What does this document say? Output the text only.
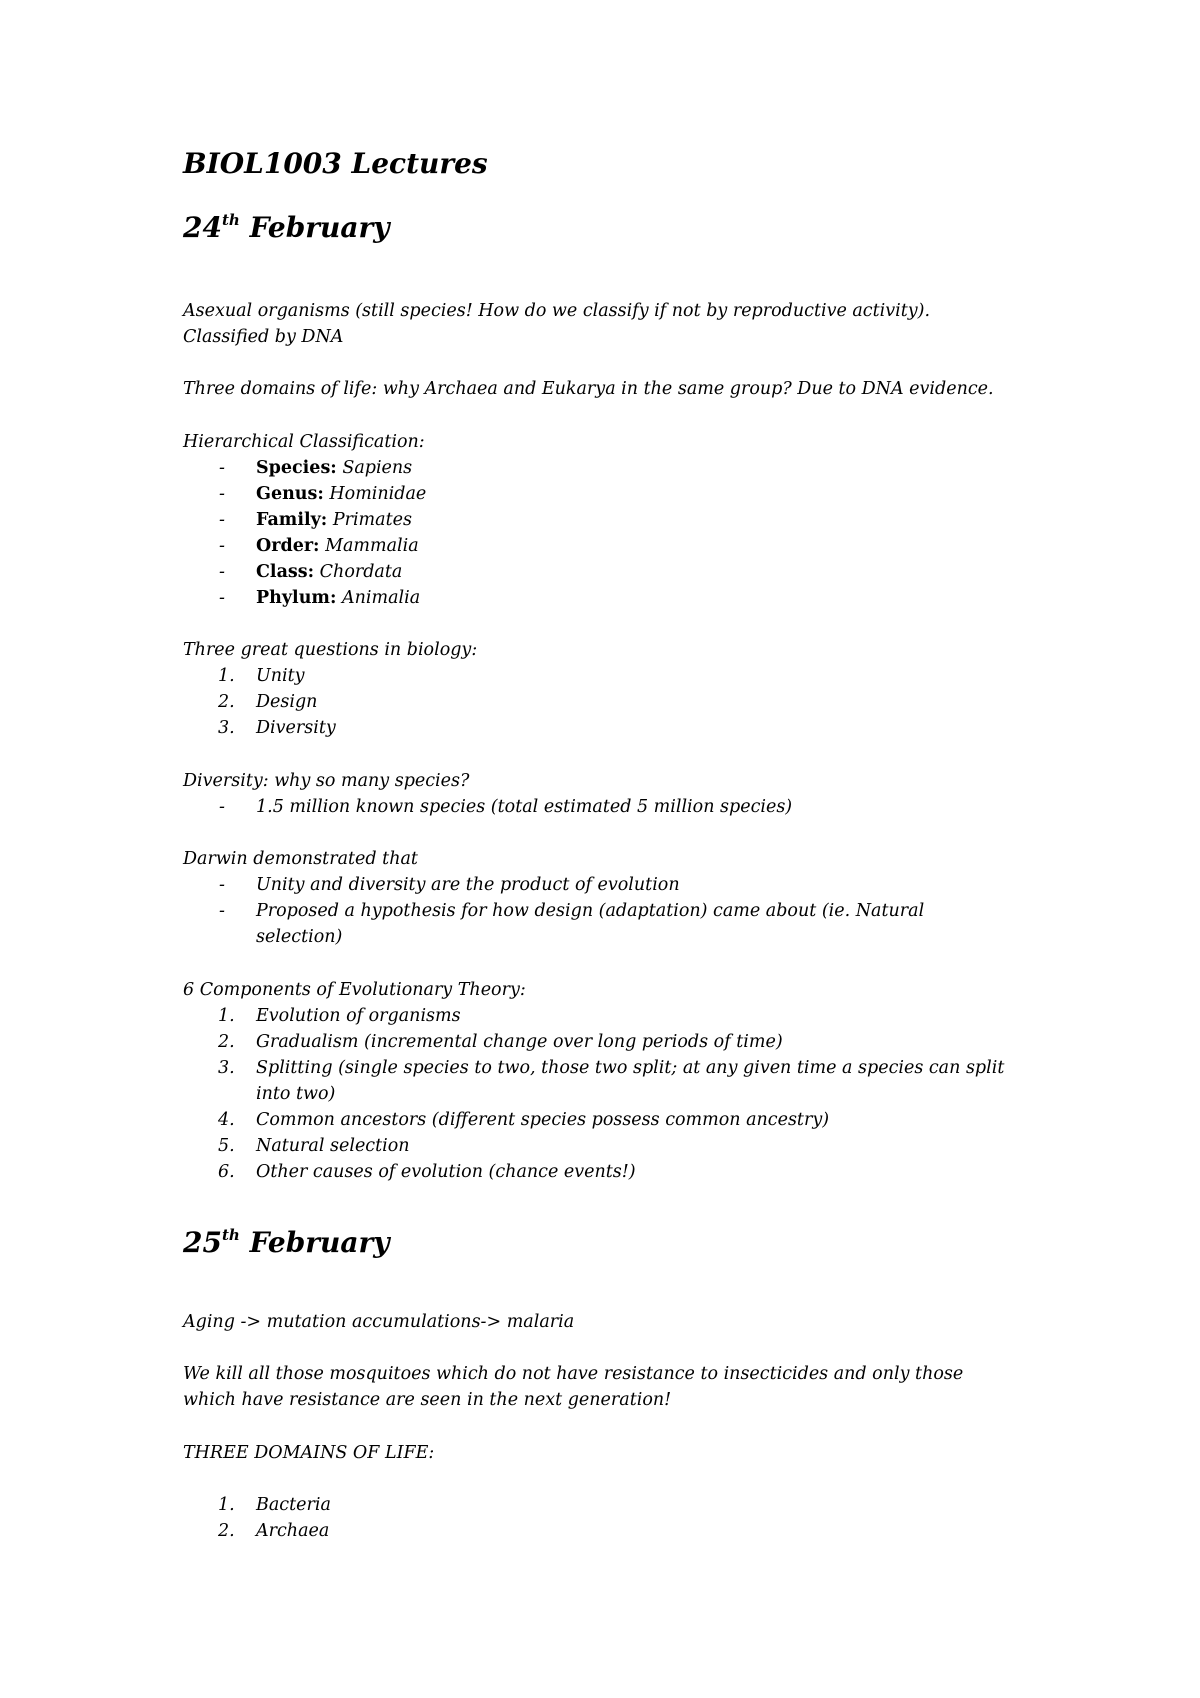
BIOL1003 Lectures
24th February

Asexual organisms (still species! How do we classify if not by reproductive activity).
Classified by DNA

Three domains of life: why Archaea and Eukarya in the same group? Due to DNA evidence.

Hierarchical Classification:

-	Species: Sapiens
-	Genus: Hominidae
-	Family: Primates
-	Order: Mammalia
-	Class: Chordata
-	Phylum: Animalia

Three great questions in biology:

1.	Unity
2.	Design
3.	Diversity

Diversity: why so many species?

-	1.5 million known species (total estimated 5 million species)

Darwin demonstrated that

-	Unity and diversity are the product of evolution
-	Proposed a hypothesis for how design (adaptation) came about (ie. Natural
selection)

6 Components of Evolutionary Theory:

1.	Evolution of organisms
2.	Gradualism (incremental change over long periods of time)
3.	Splitting (single species to two, those two split; at any given time a species can split
into two)
4.	Common ancestors (different species possess common ancestry)
5.	Natural selection
6.	Other causes of evolution (chance events!)
25th February

Aging -> mutation accumulations-> malaria

We kill all those mosquitoes which do not have resistance to insecticides and only those
which have resistance are seen in the next generation!

THREE DOMAINS OF LIFE:

1.	Bacteria
2.	Archaea
